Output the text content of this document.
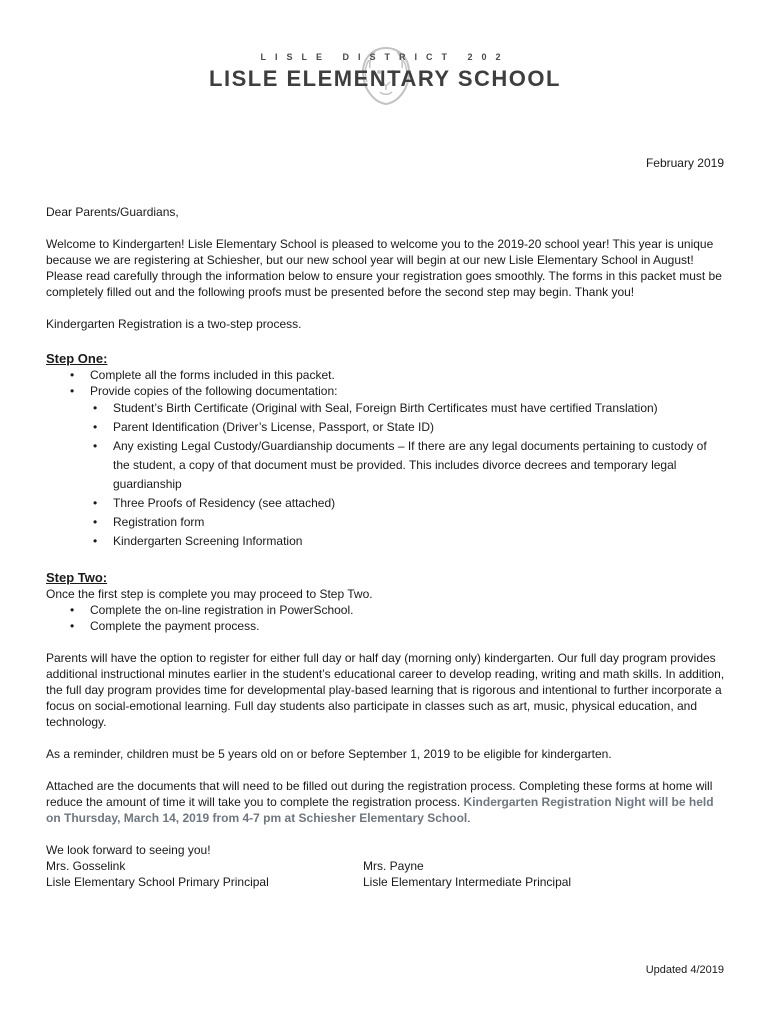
LISLE DISTRICT 202
LISLE ELEMENTARY SCHOOL
February 2019

Dear Parents/Guardians,

Welcome to Kindergarten! Lisle Elementary School is pleased to welcome you to the 2019-20 school year! This year is unique because we are registering at Schiesher, but our new school year will begin at our new Lisle Elementary School in August! Please read carefully through the information below to ensure your registration goes smoothly. The forms in this packet must be completely filled out and the following proofs must be presented before the second step may begin. Thank you!

Kindergarten Registration is a two-step process.

Step One:

• Complete all the forms included in this packet.
• Provide copies of the following documentation:
• Student’s Birth Certificate (Original with Seal, Foreign Birth Certificates must have certified Translation)
• Parent Identification (Driver’s License, Passport, or State ID)
• Any existing Legal Custody/Guardianship documents – If there are any legal documents pertaining to custody of the student, a copy of that document must be provided. This includes divorce decrees and temporary legal guardianship
• Three Proofs of Residency (see attached)
• Registration form
• Kindergarten Screening Information

Step Two:

Once the first step is complete you may proceed to Step Two.

• Complete the on-line registration in PowerSchool.
• Complete the payment process.

Parents will have the option to register for either full day or half day (morning only) kindergarten. Our full day program provides additional instructional minutes earlier in the student’s educational career to develop reading, writing and math skills. In addition, the full day program provides time for developmental play-based learning that is rigorous and intentional to further incorporate a focus on social-emotional learning. Full day students also participate in classes such as art, music, physical education, and technology.

As a reminder, children must be 5 years old on or before September 1, 2019 to be eligible for kindergarten.

Attached are the documents that will need to be filled out during the registration process. Completing these forms at home will reduce the amount of time it will take you to complete the registration process. Kindergarten Registration Night will be held on Thursday, March 14, 2019 from 4-7 pm at Schiesher Elementary School.

We look forward to seeing you!

Mrs. Gosselink
Lisle Elementary School Primary Principal
Mrs. Payne
Lisle Elementary Intermediate Principal
Updated 4/2019
